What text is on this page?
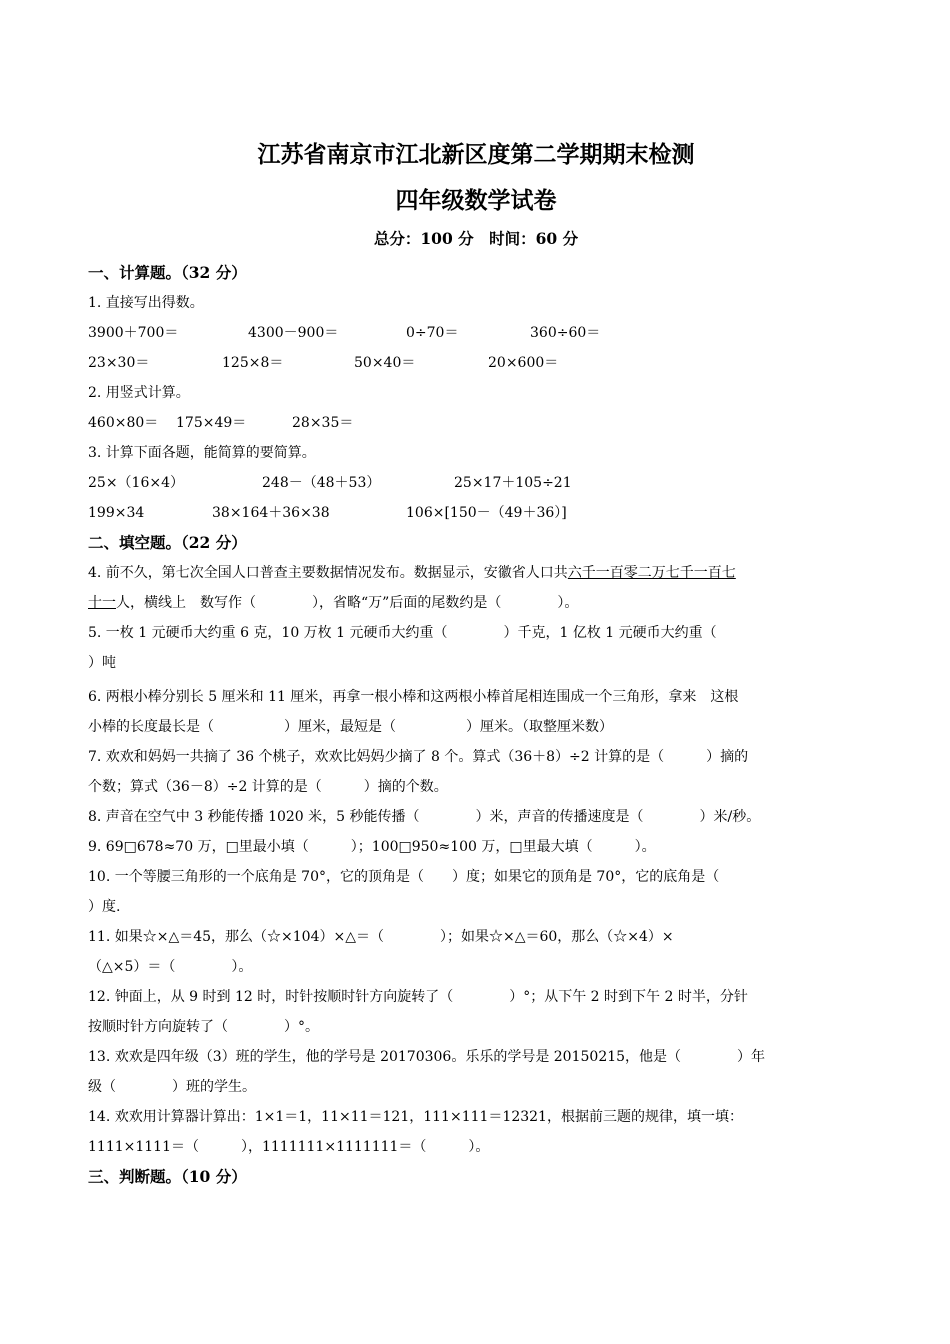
江苏省南京市江北新区度第二学期期末检测
四年级数学试卷
总分：100 分　时间：60 分
一、计算题。（32 分）
1. 直接写出得数。
3900＋700＝	4300－900＝	0÷70＝	360÷60＝
23×30＝	125×8＝	50×40＝	20×600＝
2. 用竖式计算。
460×80＝	175×49＝	28×35＝
3. 计算下面各题，能简算的要简算。
25×（16×4）	248－（48＋53）	25×17＋105÷21
199×34	38×164＋36×38	106×[150－（49＋36）]
二、填空题。（22 分）
4. 前不久，第七次全国人口普查主要数据情况发布。数据显示，安徽省人口共六千一百零二万七千一百七
十一人，横线上　数写作（　　　　），省略“万”后面的尾数约是（　　　　）。
5. 一枚 1 元硬币大约重 6 克，10 万枚 1 元硬币大约重（　　　　）千克，1 亿枚 1 元硬币大约重（
）吨
6. 两根小棒分别长 5 厘米和 11 厘米，再拿一根小棒和这两根小棒首尾相连围成一个三角形，拿来　这根
小棒的长度最长是（　　　　　）厘米，最短是（　　　　　）厘米。（取整厘米数）
7. 欢欢和妈妈一共摘了 36 个桃子，欢欢比妈妈少摘了 8 个。算式（36＋8）÷2 计算的是（　　　）摘的
个数；算式（36－8）÷2 计算的是（　　　）摘的个数。
8. 声音在空气中 3 秒能传播 1020 米，5 秒能传播（　　　　）米，声音的传播速度是（　　　　）米/秒。
9. 69□678≈70 万，□里最小填（　　　）；100□950≈100 万，□里最大填（　　　）。
10. 一个等腰三角形的一个底角是 70°，它的顶角是（　　）度；如果它的顶角是 70°，它的底角是（
）度.
11. 如果☆×△＝45，那么（☆×104）×△＝（　　　　）；如果☆×△＝60，那么（☆×4）×
（△×5）＝（　　　　）。
12. 钟面上，从 9 时到 12 时，时针按顺时针方向旋转了（　　　　）°；从下午 2 时到下午 2 时半，分针
按顺时针方向旋转了（　　　　）°。
13. 欢欢是四年级（3）班的学生，他的学号是 20170306。乐乐的学号是 20150215，他是（　　　　）年
级（　　　　）班的学生。
14. 欢欢用计算器计算出：1×1＝1，11×11＝121，111×111＝12321，根据前三题的规律，填一填：
1111×1111＝（　　　），1111111×1111111＝（　　　）。
三、判断题。（10 分）
